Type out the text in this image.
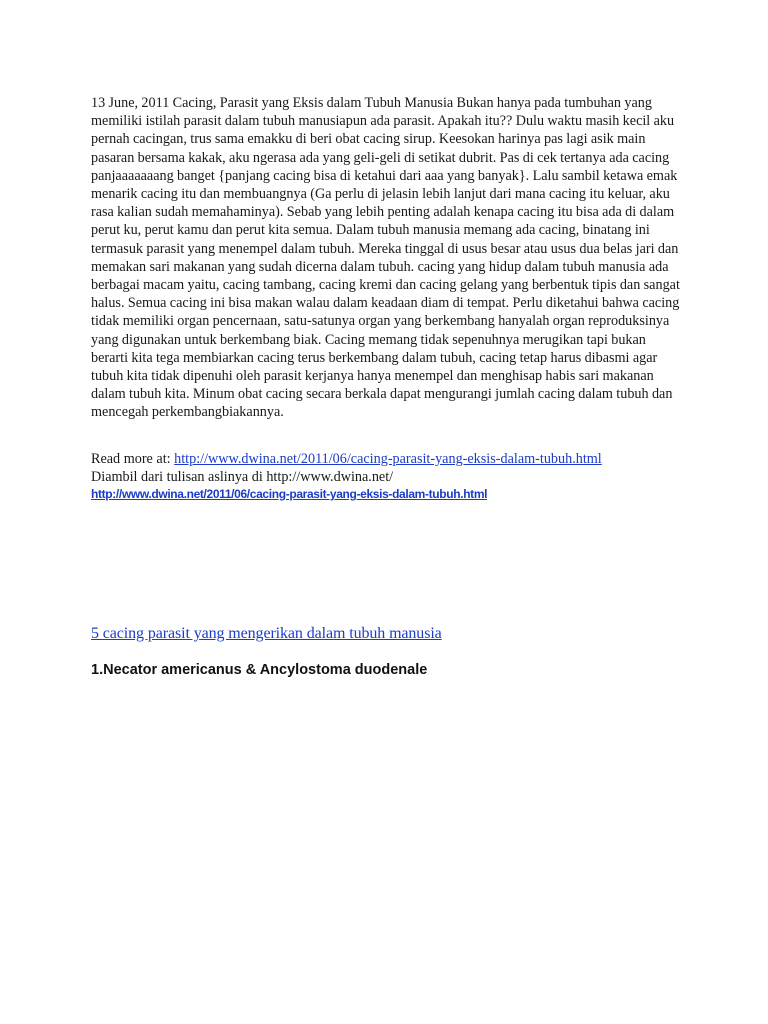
13 June, 2011 Cacing, Parasit yang Eksis dalam Tubuh Manusia Bukan hanya pada tumbuhan yang memiliki istilah parasit dalam tubuh manusiapun ada parasit. Apakah itu?? Dulu waktu masih kecil aku pernah cacingan, trus sama emakku di beri obat cacing sirup. Keesokan harinya pas lagi asik main pasaran bersama kakak, aku ngerasa ada yang geli-geli di setikat dubrit. Pas di cek tertanya ada cacing panjaaaaaaang banget {panjang cacing bisa di ketahui dari aaa yang banyak}. Lalu sambil ketawa emak menarik cacing itu dan membuangnya (Ga perlu di jelasin lebih lanjut dari mana cacing itu keluar, aku rasa kalian sudah memahaminya). Sebab yang lebih penting adalah kenapa cacing itu bisa ada di dalam perut ku, perut kamu dan perut kita semua. Dalam tubuh manusia memang ada cacing, binatang ini termasuk parasit yang menempel dalam tubuh. Mereka tinggal di usus besar atau usus dua belas jari dan memakan sari makanan yang sudah dicerna dalam tubuh. cacing yang hidup dalam tubuh manusia ada berbagai macam yaitu, cacing tambang, cacing kremi dan cacing gelang yang berbentuk tipis dan sangat halus. Semua cacing ini bisa makan walau dalam keadaan diam di tempat. Perlu diketahui bahwa cacing tidak memiliki organ pencernaan, satu-satunya organ yang berkembang hanyalah organ reproduksinya yang digunakan untuk berkembang biak. Cacing memang tidak sepenuhnya merugikan tapi bukan berarti kita tega membiarkan cacing terus berkembang dalam tubuh, cacing tetap harus dibasmi agar tubuh kita tidak dipenuhi oleh parasit kerjanya hanya menempel dan menghisap habis sari makanan dalam tubuh kita. Minum obat cacing secara berkala dapat mengurangi jumlah cacing dalam tubuh dan mencegah perkembangbiakannya.

Read more at: http://www.dwina.net/2011/06/cacing-parasit-yang-eksis-dalam-tubuh.html

Diambil dari tulisan aslinya di http://www.dwina.net/

http://www.dwina.net/2011/06/cacing-parasit-yang-eksis-dalam-tubuh.html
5 cacing parasit yang mengerikan dalam tubuh manusia

1.Necator americanus & Ancylostoma duodenale
